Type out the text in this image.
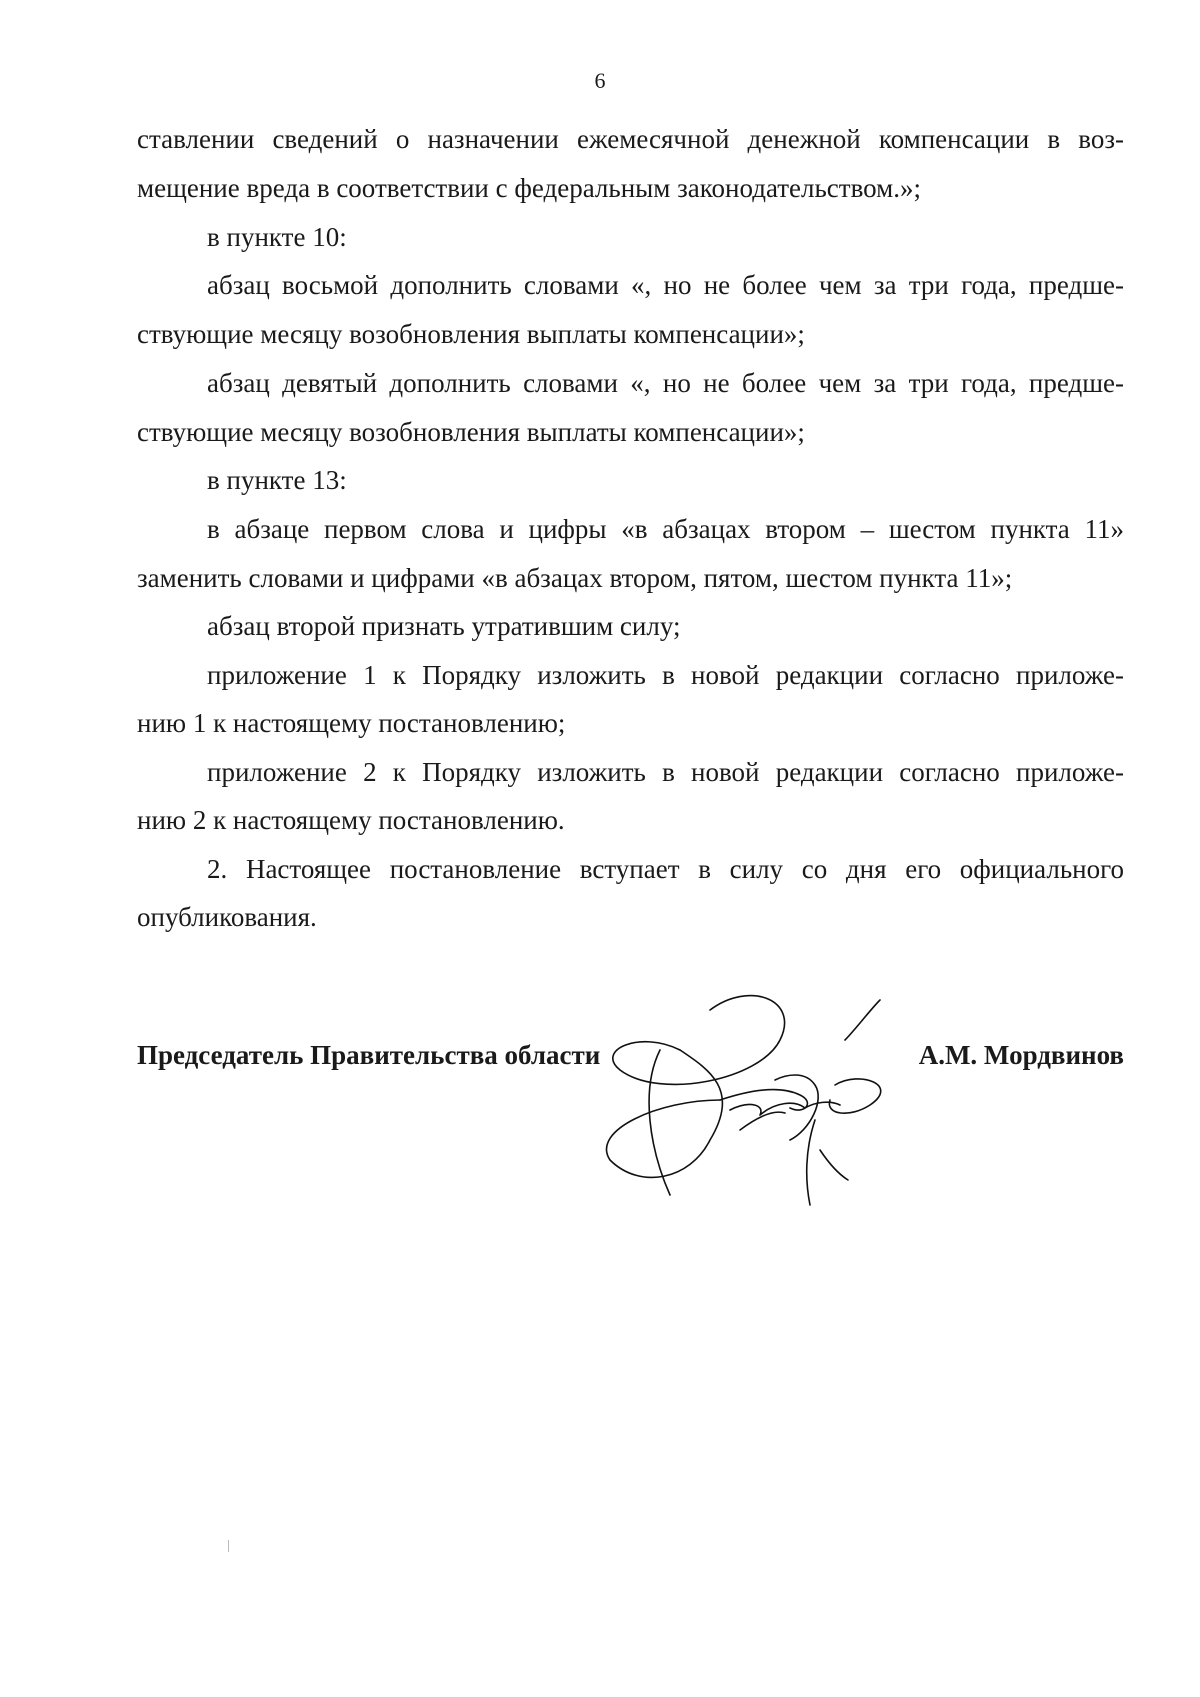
6
ставлении сведений о назначении ежемесячной денежной компенсации в воз-
мещение вреда в соответствии с федеральным законодательством.»;
в пункте 10:
абзац восьмой дополнить словами «, но не более чем за три года, предше-
ствующие месяцу возобновления выплаты компенсации»;
абзац девятый дополнить словами «, но не более чем за три года, предше-
ствующие месяцу возобновления выплаты компенсации»;
в пункте 13:
в абзаце первом слова и цифры «в абзацах втором – шестом пункта 11»
заменить словами и цифрами «в абзацах втором, пятом, шестом пункта 11»;
абзац второй признать утратившим силу;
приложение 1 к Порядку изложить в новой редакции согласно приложе-
нию 1 к настоящему постановлению;
приложение 2 к Порядку изложить в новой редакции согласно приложе-
нию 2 к настоящему постановлению.
2. Настоящее постановление вступает в силу со дня его официального
опубликования.
Председатель Правительства области	А.М. Мордвинов
